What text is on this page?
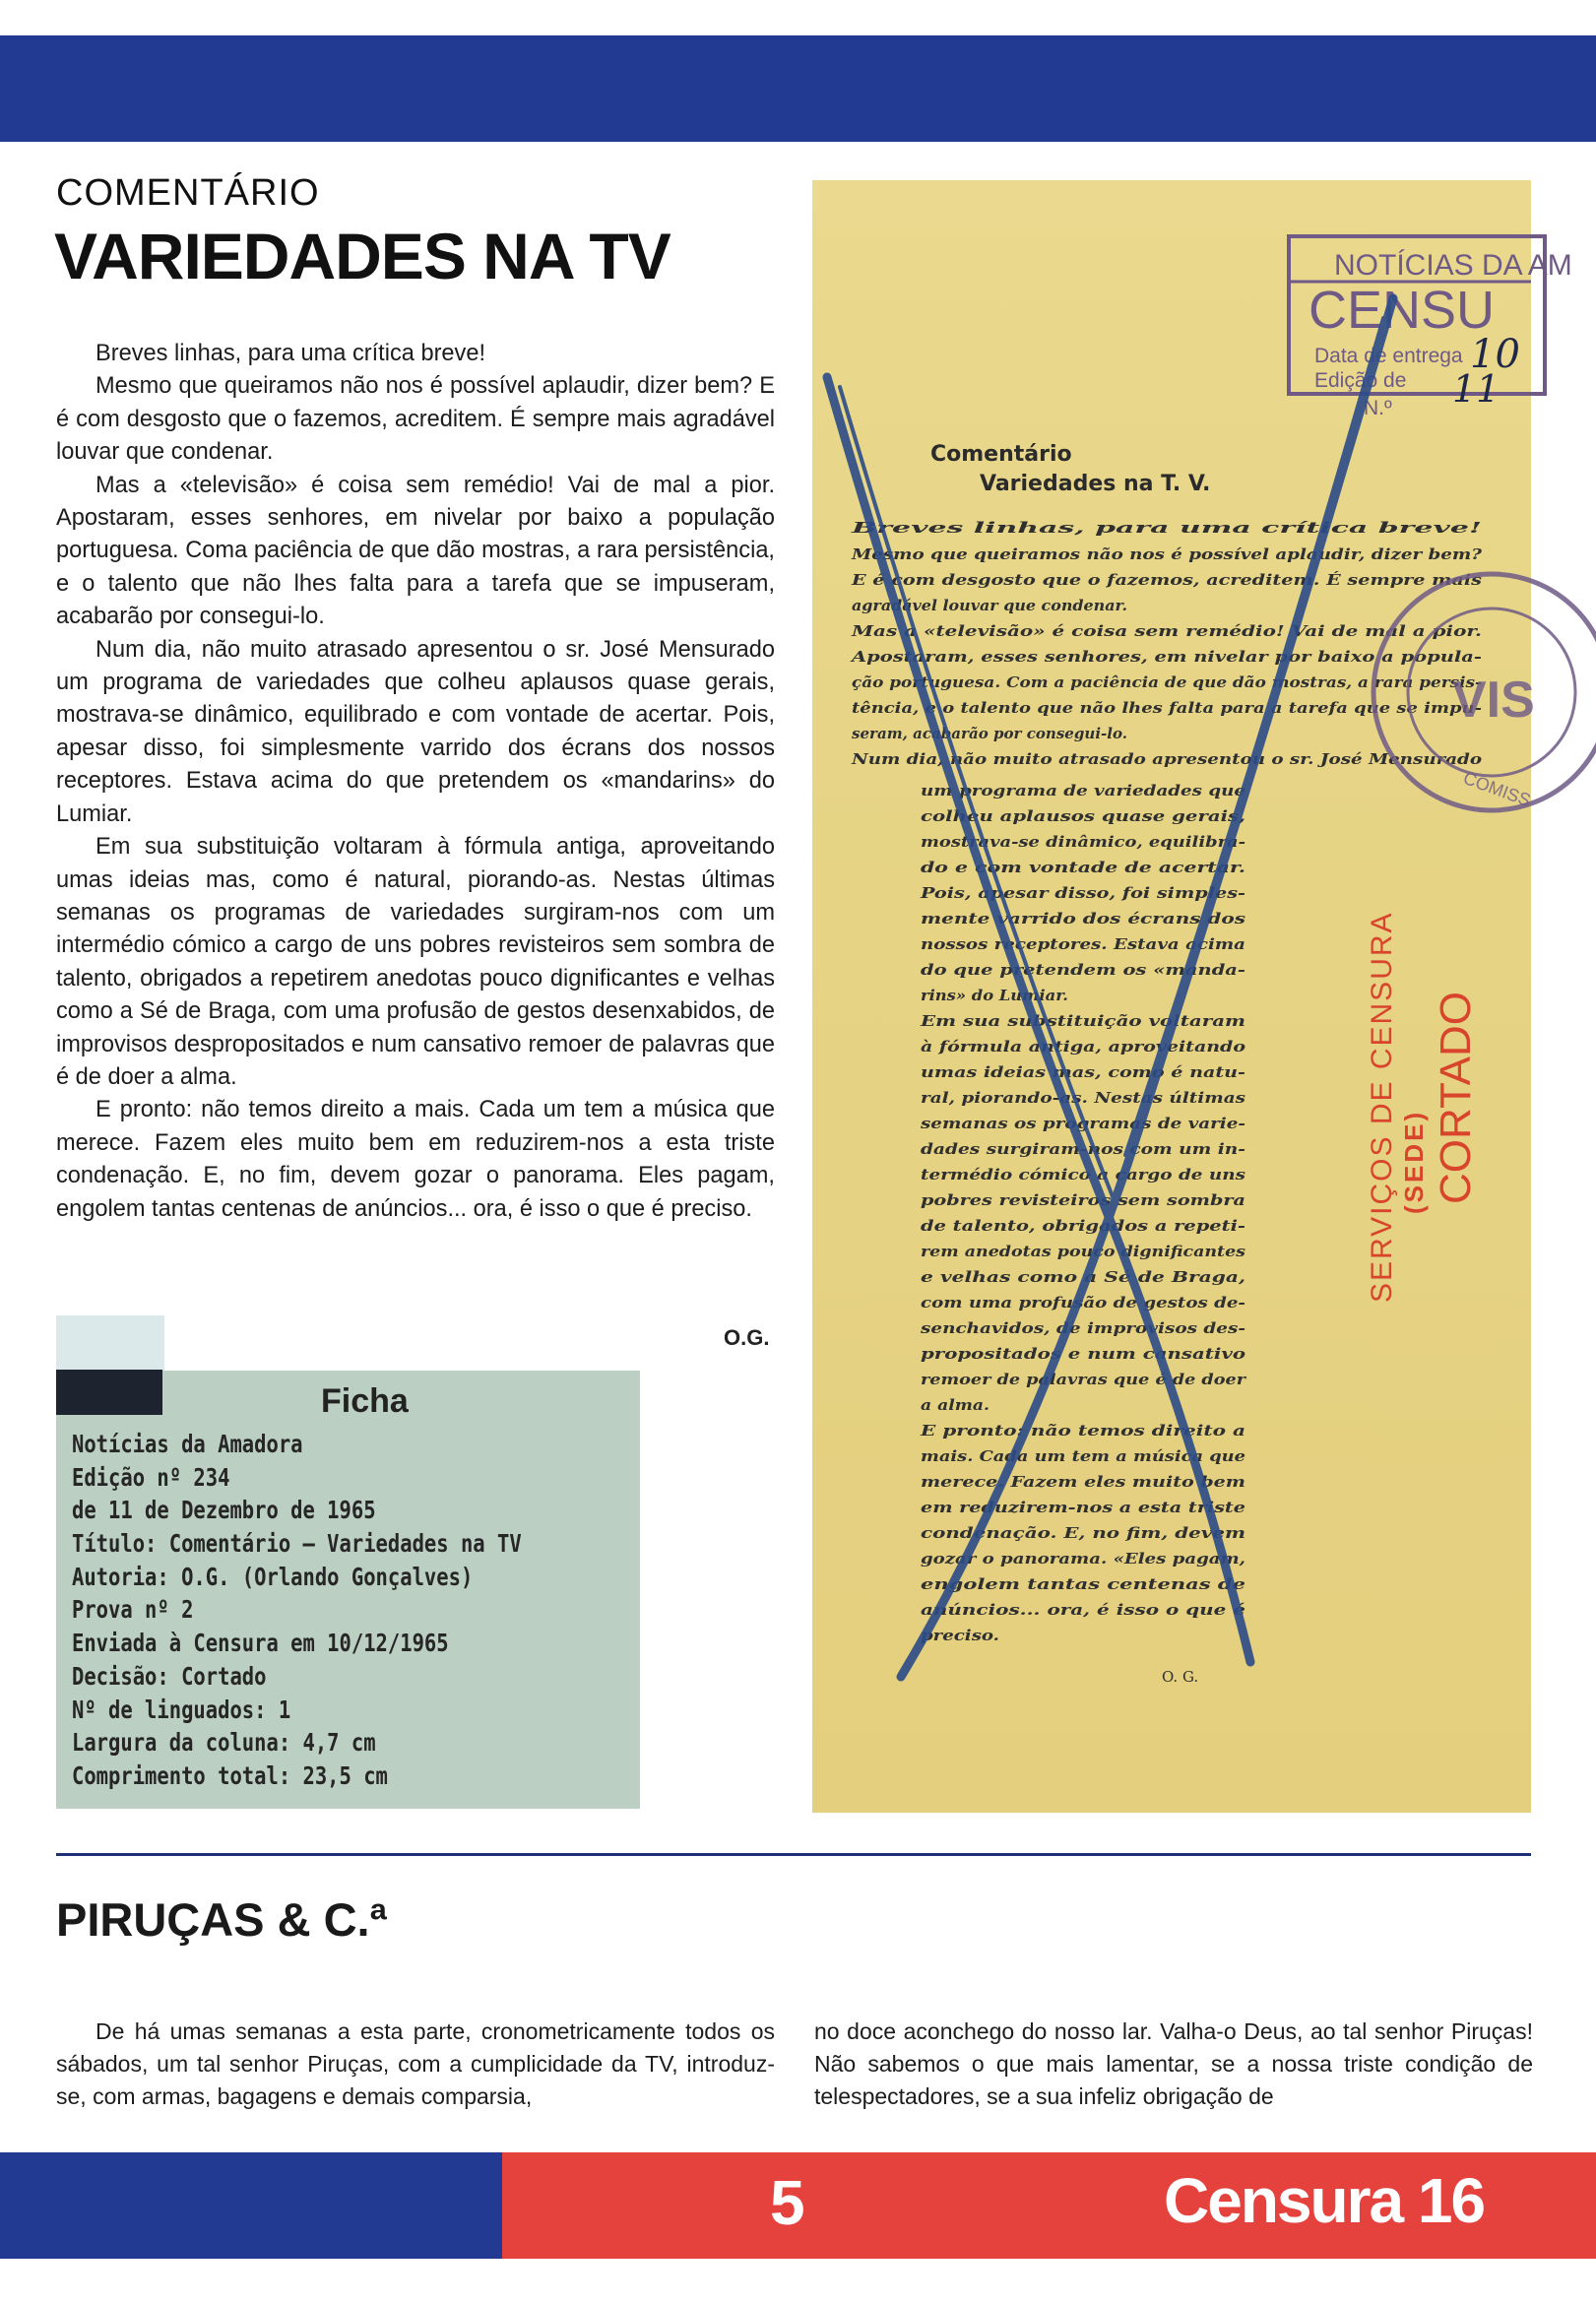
COMENTÁRIO
VARIEDADES NA TV

Breves linhas, para uma crítica breve!

Mesmo que queiramos não nos é possível aplaudir, dizer bem? E é com desgosto que o fazemos, acreditem. É sempre mais agradável louvar que condenar.

Mas a «televisão» é coisa sem remédio! Vai de mal a pior. Apostaram, esses senhores, em nivelar por baixo a população portuguesa. Coma paciência de que dão mostras, a rara persistência, e o talento que não lhes falta para a tarefa que se impuseram, acabarão por consegui-lo.

Num dia, não muito atrasado apresentou o sr. José Mensurado um programa de variedades que colheu aplausos quase gerais, mostrava-se dinâmico, equilibrado e com vontade de acertar. Pois, apesar disso, foi simplesmente varrido dos écrans dos nossos receptores. Estava acima do que pretendem os «mandarins» do Lumiar.

Em sua substituição voltaram à fórmula antiga, aproveitando umas ideias mas, como é natural, piorando-as. Nestas últimas semanas os programas de variedades surgiram-nos com um intermédio cómico a cargo de uns pobres revisteiros sem sombra de talento, obrigados a repetirem anedotas pouco dignificantes e velhas como a Sé de Braga, com uma profusão de gestos desenxabidos, de improvisos despropositados e num cansativo remoer de palavras que é de doer a alma.

E pronto: não temos direito a mais. Cada um tem a música que merece. Fazem eles muito bem em reduzirem-nos a esta triste condenação. E, no fim, devem gozar o panorama. Eles pagam, engolem tantas centenas de anúncios... ora, é isso o que é preciso.

O.G.
Ficha
Notícias da Amadora
Edição nº 234
de 11 de Dezembro de 1965
Título: Comentário – Variedades na TV
Autoria: O.G. (Orlando Gonçalves)
Prova nº 2
Enviada à Censura em 10/12/1965
Decisão: Cortado
Nº de linguados: 1
Largura da coluna: 4,7 cm
Comprimento total: 23,5 cm
NOTÍCIAS DA AM
CENSU
Data de entrega
Edição de
N.º
10
11
Comentário
Variedades na T. V.
Breves linhas, para uma crítica breve!
Mesmo que queiramos não nos é possível aplaudir, dizer bem?
E é com desgosto que o fazemos, acreditem. É sempre mais
agradável louvar que condenar.
Mas a «televisão» é coisa sem remédio! Vai de mal a pior.
Apostaram, esses senhores, em nivelar por baixo a popula-
ção portuguesa. Com a paciência de que dão mostras, a rara persis-
tência, e o talento que não lhes falta para a tarefa que se impu-
seram, acabarão por consegui-lo.
Num dia, não muito atrasado apresentou o sr. José Mensurado
um programa de variedades que
colheu aplausos quase gerais,
mostrava-se dinâmico, equilibra-
do e com vontade de acertar.
Pois, apesar disso, foi simples-
mente varrido dos écrans dos
nossos receptores. Estava acima
do que pretendem os «manda-
rins» do Lumiar.
Em sua substituição voltaram
à fórmula antiga, aproveitando
umas ideias mas, como é natu-
ral, piorando-as. Nestas últimas
semanas os programas de varie-
dades surgiram-nos com um in-
termédio cómico a cargo de uns
pobres revisteiros sem sombra
de talento, obrigados a repeti-
rem anedotas pouco dignificantes
e velhas como a Sé de Braga,
com uma profusão de gestos de-
senchavidos, de improvisos des-
propositados e num cansativo
remoer de palavras que é de doer
a alma.
E pronto: não temos direito a
mais. Cada um tem a música que
merece. Fazem eles muito bem
em reduzirem-nos a esta triste
condenação. E, no fim, devem
gozar o panorama. «Eles pagam,
engolem tantas centenas de
anúncios... ora, é isso o que é
preciso.
O. G.
VIS
COMISS
SERVIÇOS DE CENSURA (SEDE) CORTADO
PIRUÇAS & C.ª

De há umas semanas a esta parte, cronometricamente todos os sábados, um tal senhor Piruças, com a cumplicidade da TV, introduz-se, com armas, bagagens e demais comparsia,

no doce aconchego do nosso lar. Valha-o Deus, ao tal senhor Piruças! Não sabemos o que mais lamentar, se a nossa triste condição de telespectadores, se a sua infeliz obrigação de

5	Censura 16
